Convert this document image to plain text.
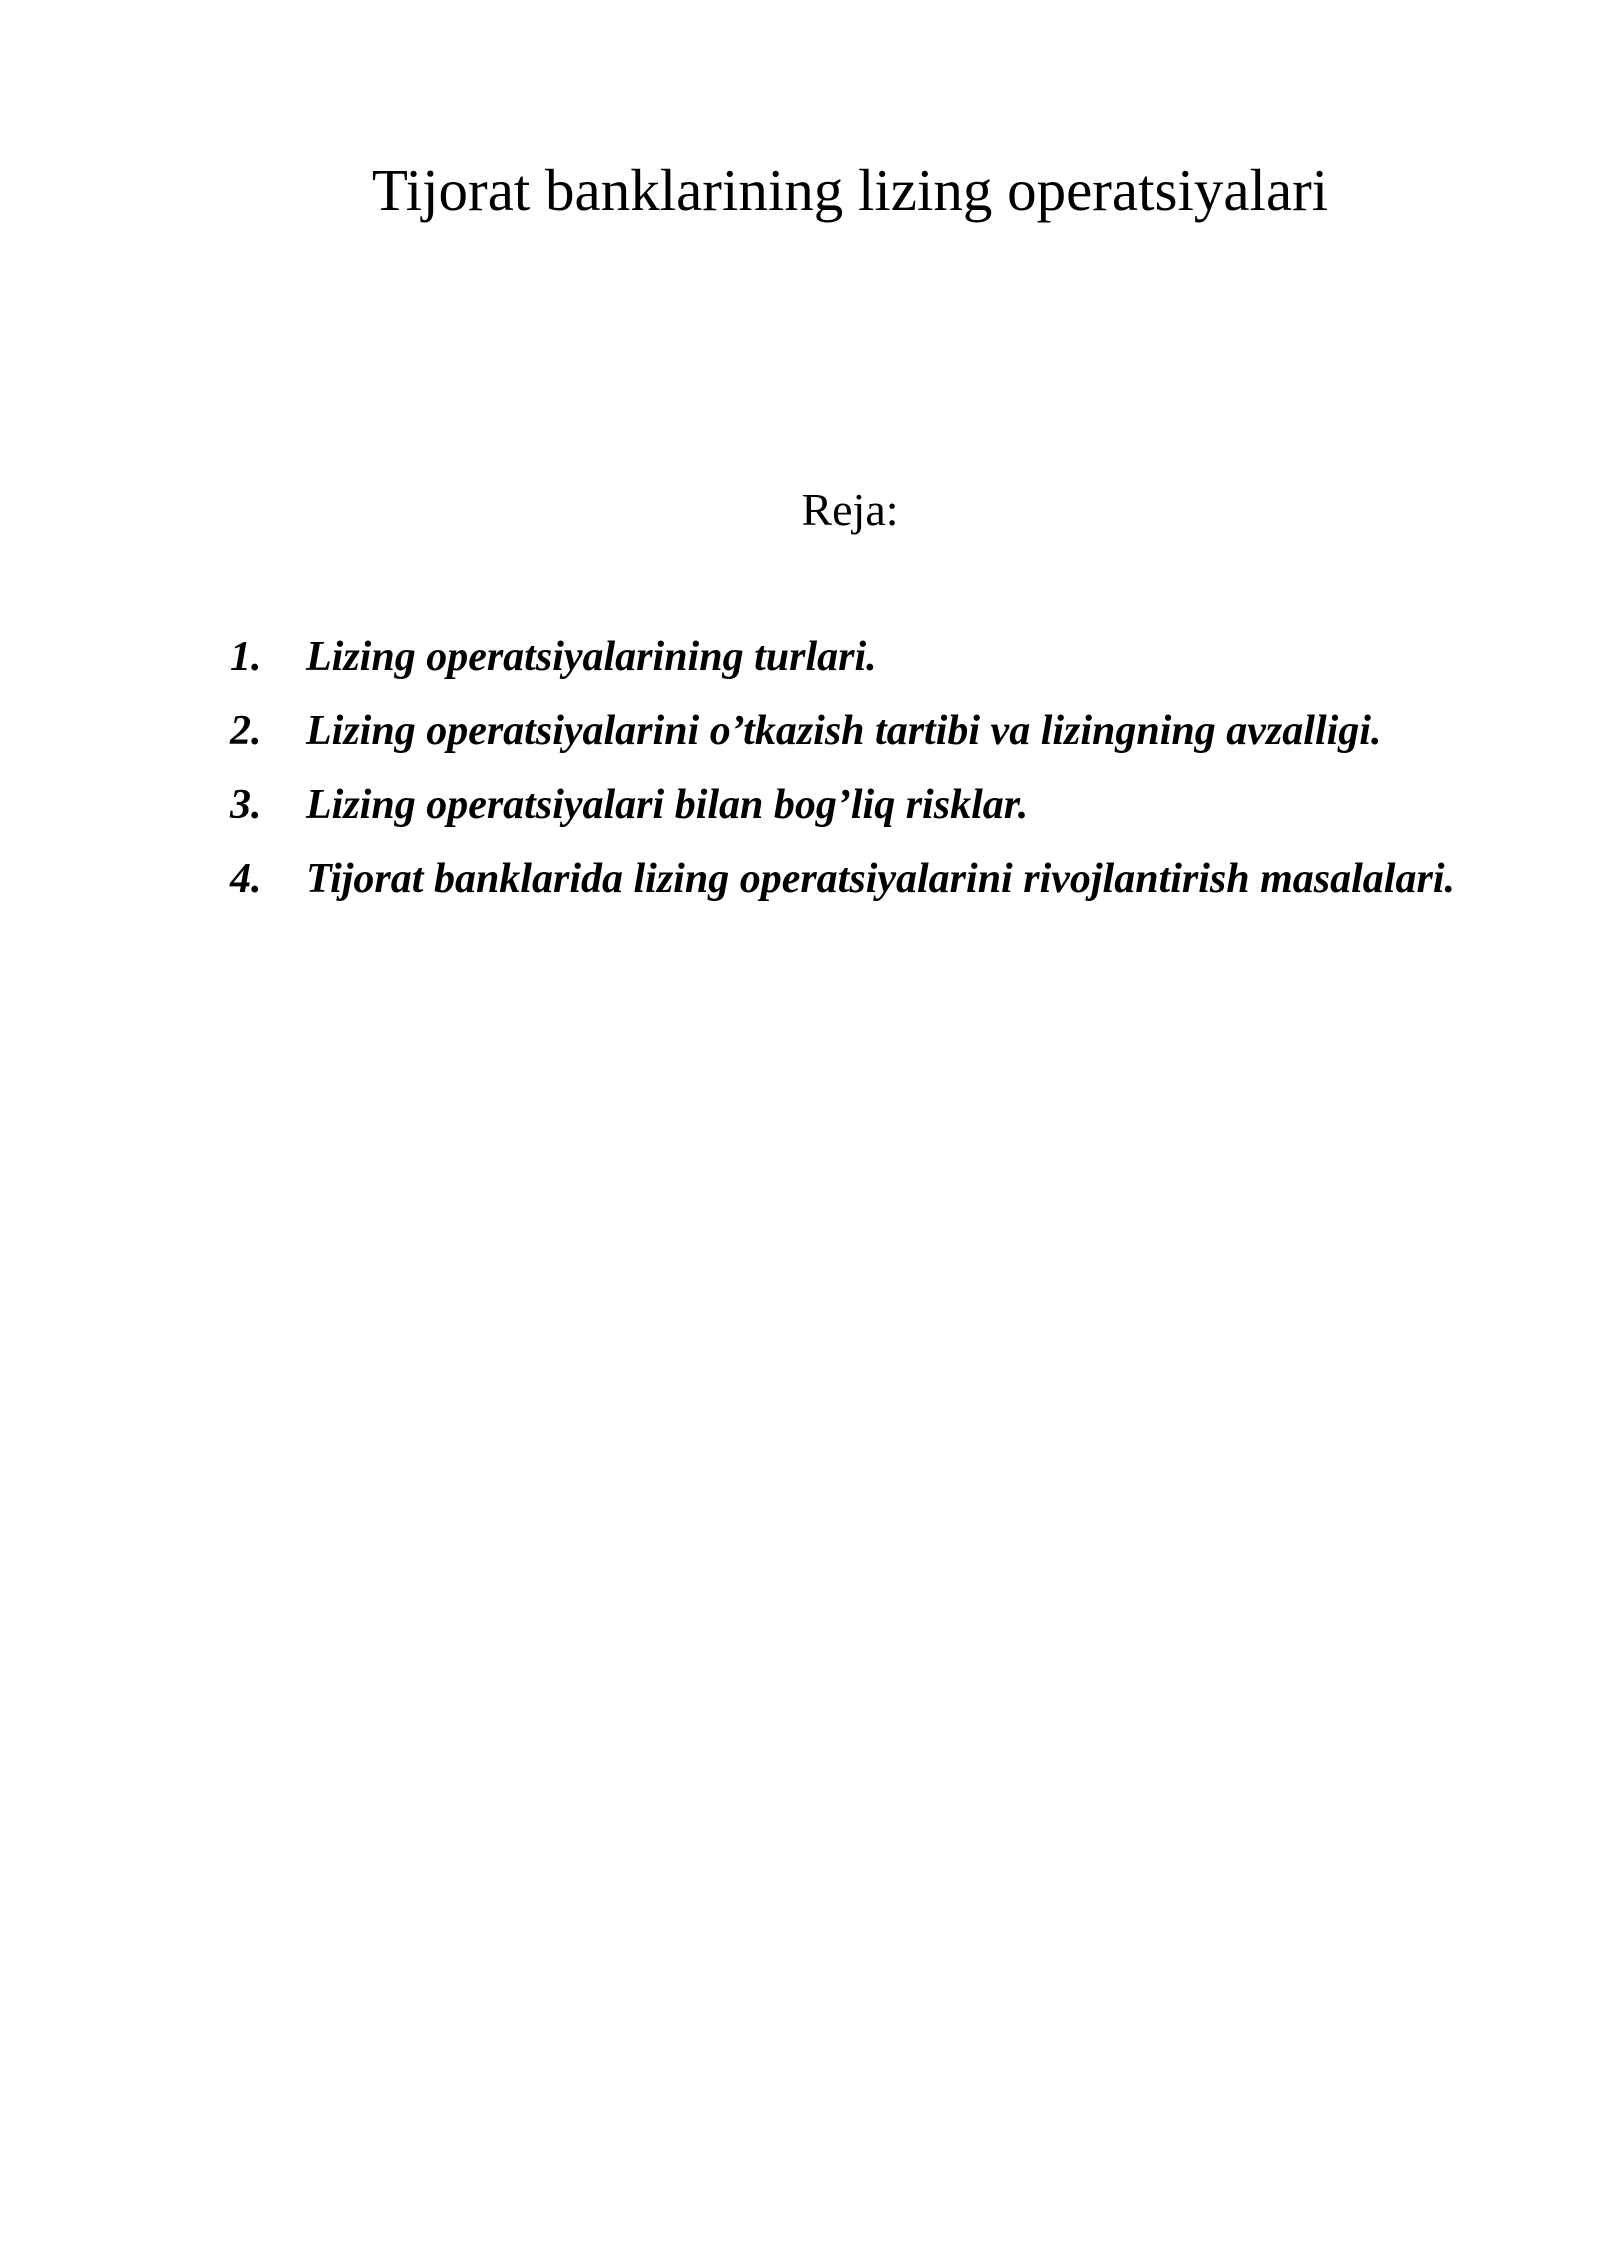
Tijorat banklarining lizing operatsiyalari
Reja:
1.	Lizing operatsiyalarining turlari.
2.	Lizing operatsiyalarini o’tkazish tartibi va lizingning avzalligi.
3.	Lizing operatsiyalari bilan bog’liq risklar.
4.	Tijorat banklarida lizing operatsiyalarini rivojlantirish masalalari.
